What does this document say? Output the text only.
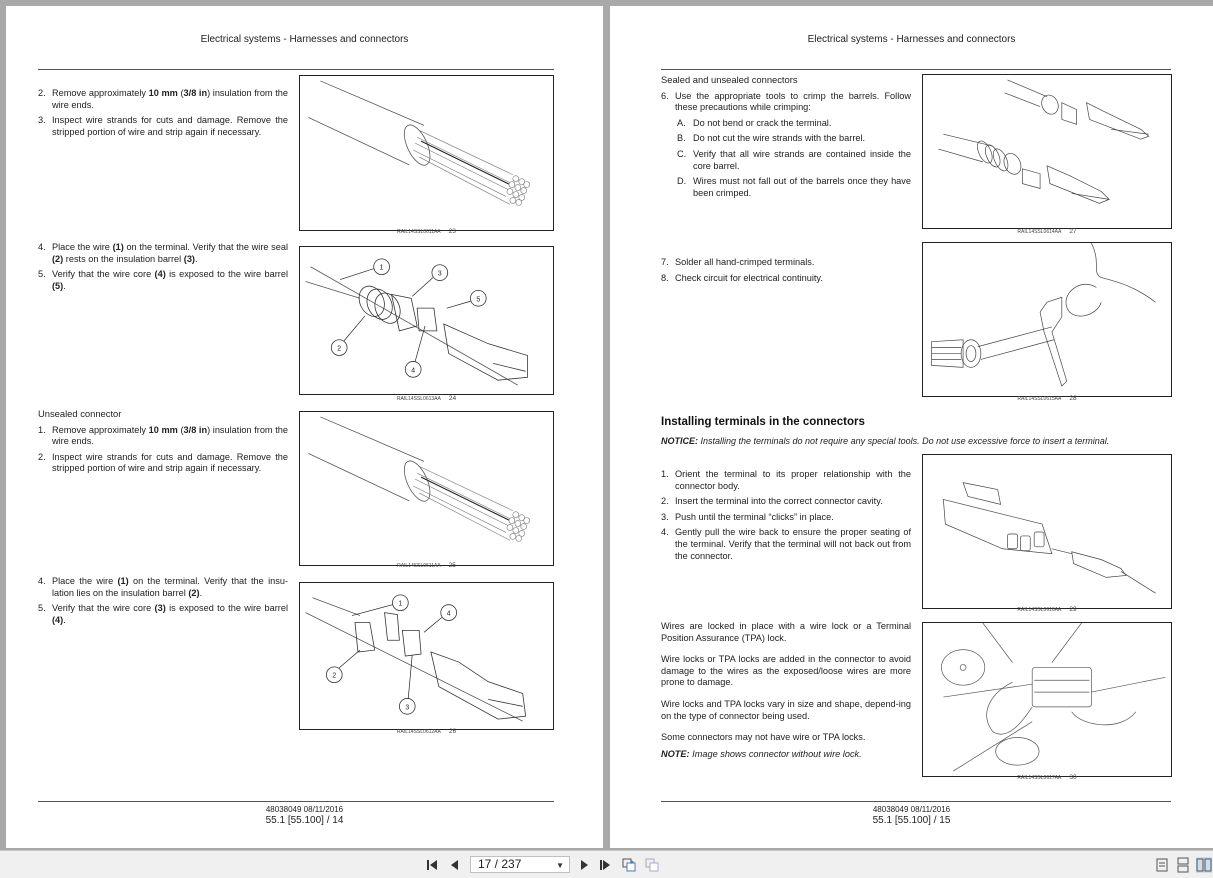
Electrical systems - Harnesses and connectors
2. Remove approximately 10 mm (3/8 in) insulation from the wire ends.
3. Inspect wire strands for cuts and damage. Remove the stripped portion of wire and strip again if necessary.
RAIL14SSL0611AA 23
4. Place the wire (1) on the terminal. Verify that the wire seal (2) rests on the insulation barrel (3).
5. Verify that the wire core (4) is exposed to the wire barrel (5).
1
3
5
2
4
RAIL14SSL0613AA 24
Unsealed connector
1. Remove approximately 10 mm (3/8 in) insulation from the wire ends.
2. Inspect wire strands for cuts and damage. Remove the stripped portion of wire and strip again if necessary.
RAIL14SSL0611AA 25
4. Place the wire (1) on the terminal. Verify that the insu-lation lies on the insulation barrel (2).
5. Verify that the wire core (3) is exposed to the wire barrel (4).
1
4
2
3
RAIL14SSL0612AA 26
48038049 08/11/2016
55.1 [55.100] / 14
Electrical systems - Harnesses and connectors
Sealed and unsealed connectors
6. Use the appropriate tools to crimp the barrels. Follow these precautions while crimping:
A. Do not bend or crack the terminal.
B. Do not cut the wire strands with the barrel.
C. Verify that all wire strands are contained inside the core barrel.
D. Wires must not fall out of the barrels once they have been crimped.
RAIL14SSL0614AA 27
7. Solder all hand-crimped terminals.
8. Check circuit for electrical continuity.
RAIL14SSL0615AA 28
Installing terminals in the connectors
NOTICE: Installing the terminals do not require any special tools. Do not use excessive force to insert a terminal.
1. Orient the terminal to its proper relationship with the connector body.
2. Insert the terminal into the correct connector cavity.
3. Push until the terminal “clicks” in place.
4. Gently pull the wire back to ensure the proper seating of the terminal. Verify that the terminal will not back out from the connector.
RAIL14SSL0616AA 29

Wires are locked in place with a wire lock or a Terminal Position Assurance (TPA) lock.

Wire locks or TPA locks are added in the connector to avoid damage to the wires as the exposed/loose wires are more prone to damage.

Wire locks and TPA locks vary in size and shape, depend-ing on the type of connector being used.

Some connectors may not have wire or TPA locks.

NOTE: Image shows connector without wire lock.

RAIL14SSL0617AA 30
48038049 08/11/2016
55.1 [55.100] / 15
17 / 237	▼
